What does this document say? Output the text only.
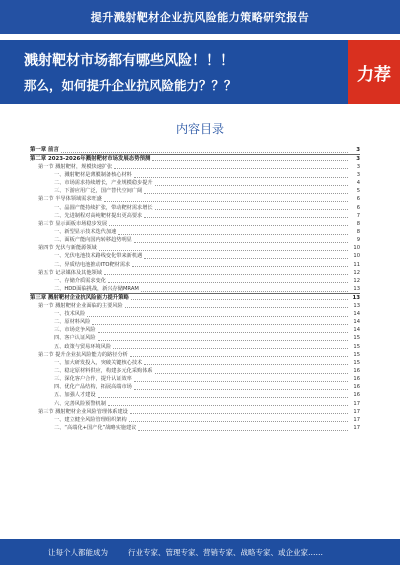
提升溅射靶材企业抗风险能力策略研究报告
溅射靶材市场都有哪些风险！！！
那么，如何提升企业抗风险能力？？？
力荐
内容目录
第一章 前言	3
第二章 2023-2026年溅射靶材市场发展态势预测	3
第一节 溅射靶材，规模快速扩张	3
一、溅射靶材是薄膜制备核心材料	3
二、市场需求持续增长，产业规模稳步提升	4
三、下游应用广泛，国产替代空间广阔	5
第二节 半导体领域需求旺盛	6
一、晶圆产能持续扩张，带动靶材需求增长	6
二、先进制程对高纯靶材提出更高要求	7
第三节 显示面板市场稳步发展	8
一、新型显示技术迭代加速	8
二、面板产能向国内转移趋势明显	9
第四节 光伏与新能源领域	10
一、光伏电池技术路线变化带来新机遇	10
二、异质结电池推动ITO靶材需求	11
第五节 记录媒体及其他领域	12
一、存储介质需求变化	12
二、HDD面临挑战，新兴存储MRAM	13
第三章 溅射靶材企业抗风险能力提升策略	13
第一节 溅射靶材企业面临的主要风险	13
一、技术风险	14
二、原材料风险	14
三、市场竞争风险	14
四、客户认证风险	15
五、政策与贸易环境风险	15
第二节 提升企业抗风险能力的路径分析	15
一、加大研发投入，突破关键核心技术	15
二、稳定原材料供应，构建多元化采购体系	16
三、深化客户合作，提升认证效率	16
四、优化产品结构，拓展高端市场	16
五、加强人才建设	16
六、完善风险预警机制	17
第三节 溅射靶材企业风险管理体系建设	17
一、建立健全风险管理组织架构	17
二、“高端化+国产化”战略实施建议	17
让每个人都能成为	行业专家、管理专家、营销专家、战略专家、或企业家……
